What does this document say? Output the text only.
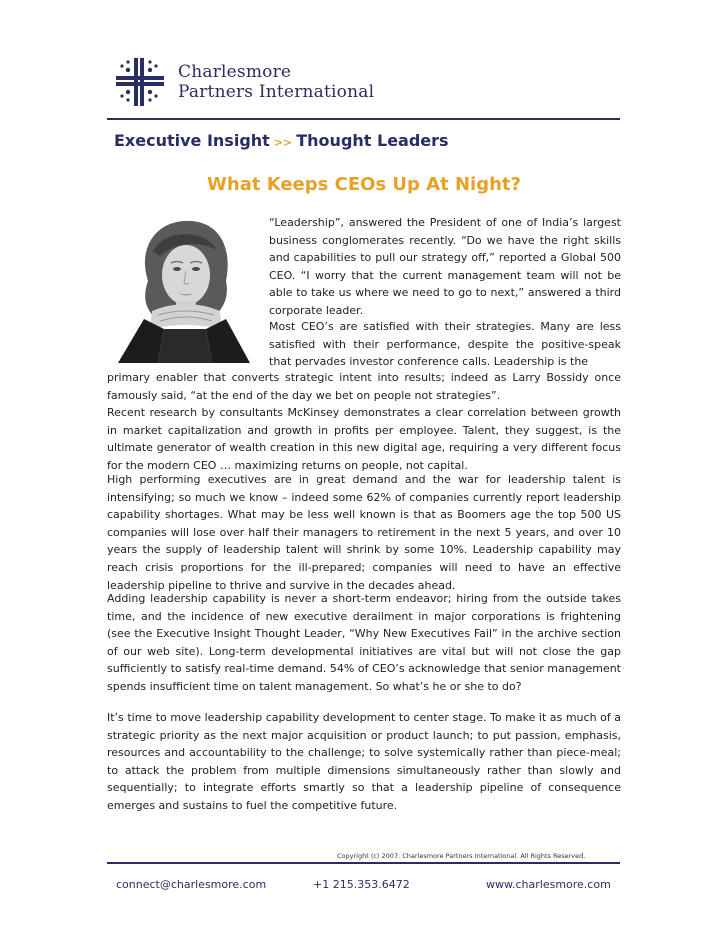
Charlesmore
Partners International
Executive Insight >> Thought Leaders
What Keeps CEOs Up At Night?
“Leadership”, answered the President of one of India’s largest business conglomerates recently. “Do we have the right skills and capabilities to pull our strategy off,” reported a Global 500 CEO. “I worry that the current management team will not be able to take us where we need to go to next,” answered a third corporate leader.
Most CEO’s are satisfied with their strategies. Many are less satisfied with their performance, despite the positive-speak that pervades investor conference calls. Leadership is the
primary enabler that converts strategic intent into results; indeed as Larry Bossidy once famously said, “at the end of the day we bet on people not strategies”.
Recent research by consultants McKinsey demonstrates a clear correlation between growth in market capitalization and growth in profits per employee. Talent, they suggest, is the ultimate generator of wealth creation in this new digital age, requiring a very different focus for the modern CEO … maximizing returns on people, not capital.
High performing executives are in great demand and the war for leadership talent is intensifying; so much we know – indeed some 62% of companies currently report leadership capability shortages. What may be less well known is that as Boomers age the top 500 US companies will lose over half their managers to retirement in the next 5 years, and over 10 years the supply of leadership talent will shrink by some 10%. Leadership capability may reach crisis proportions for the ill-prepared; companies will need to have an effective leadership pipeline to thrive and survive in the decades ahead.
Adding leadership capability is never a short-term endeavor; hiring from the outside takes time, and the incidence of new executive derailment in major corporations is frightening (see the Executive Insight Thought Leader, “Why New Executives Fail” in the archive section of our web site). Long-term developmental initiatives are vital but will not close the gap sufficiently to satisfy real-time demand. 54% of CEO’s acknowledge that senior management spends insufficient time on talent management. So what’s he or she to do?
It’s time to move leadership capability development to center stage. To make it as much of a strategic priority as the next major acquisition or product launch; to put passion, emphasis, resources and accountability to the challenge; to solve systemically rather than piece-meal; to attack the problem from multiple dimensions simultaneously rather than slowly and sequentially; to integrate efforts smartly so that a leadership pipeline of consequence emerges and sustains to fuel the competitive future.
Copyright (c) 2007. Charlesmore Partners International. All Rights Reserved.
connect@charlesmore.com	+1 215.353.6472	www.charlesmore.com
